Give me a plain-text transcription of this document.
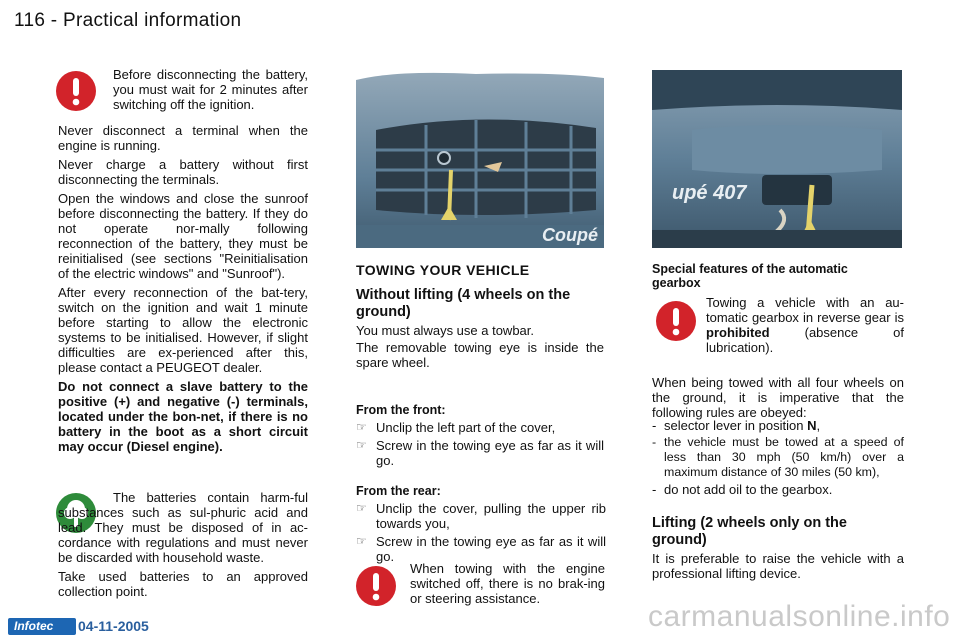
116 - Practical information

Before disconnecting the battery, you must wait for 2 minutes after switching off the ignition.

Never disconnect a terminal when the engine is running.

Never charge a battery without first disconnecting the terminals.

Open the windows and close the sunroof before disconnecting the battery. If they do not operate nor-mally following reconnection of the battery, they must be reinitialised (see sections "Reinitialisation of the electric windows" and "Sunroof").

After every reconnection of the bat-tery, switch on the ignition and wait 1 minute before starting to allow the electronic systems to be initialised. However, if slight difficulties are ex-perienced after this, please contact a PEUGEOT dealer.

Do not connect a slave battery to the positive (+) and negative (-) terminals, located under the bon-net, if there is no battery in the boot as a short circuit may occur (Diesel engine).

The batteries contain harm-ful substances such as sul-phuric acid and lead. They must be disposed of in ac-cordance with regulations and must never be discarded with household waste.

Take used batteries to an approved collection point.

Coupé
TOWING YOUR VEHICLE
Without lifting (4 wheels on the ground)

You must always use a towbar.

The removable towing eye is inside the spare wheel.

From the front:

☞ Unclip the left part of the cover,

☞ Screw in the towing eye as far as it will go.

From the rear:

☞ Unclip the cover, pulling the upper rib towards you,

☞ Screw in the towing eye as far as it will go.

When towing with the engine switched off, there is no brak-ing or steering assistance.

upé 407
Special features of the automatic gearbox

Towing a vehicle with an au-tomatic gearbox in reverse gear is prohibited (absence of lubrication).

When being towed with all four wheels on the ground, it is imperative that the following rules are obeyed:

- selector lever in position N,

- the vehicle must be towed at a speed of less than 30 mph (50 km/h) over a maximum distance of 30 miles (50 km),

- do not add oil to the gearbox.

Lifting (2 wheels only on the ground)

It is preferable to raise the vehicle with a professional lifting device.

Infotec 04-11-2005	carmanualsonline.info
